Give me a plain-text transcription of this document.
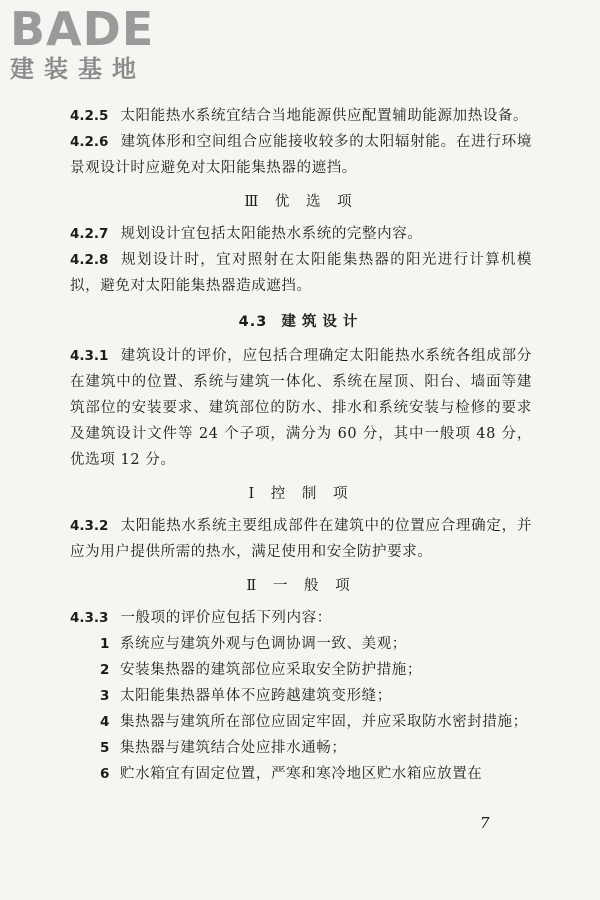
BADE
建装基地

4.2.5 太阳能热水系统宜结合当地能源供应配置辅助能源加热设备。

4.2.6 建筑体形和空间组合应能接收较多的太阳辐射能。在进行环境景观设计时应避免对太阳能集热器的遮挡。

Ⅲ 优 选 项

4.2.7 规划设计宜包括太阳能热水系统的完整内容。

4.2.8 规划设计时，宜对照射在太阳能集热器的阳光进行计算机模拟，避免对太阳能集热器造成遮挡。

4.3 建筑设计

4.3.1 建筑设计的评价，应包括合理确定太阳能热水系统各组成部分在建筑中的位置、系统与建筑一体化、系统在屋顶、阳台、墙面等建筑部位的安装要求、建筑部位的防水、排水和系统安装与检修的要求及建筑设计文件等 24 个子项，满分为 60 分，其中一般项 48 分，优选项 12 分。

Ⅰ 控 制 项

4.3.2 太阳能热水系统主要组成部件在建筑中的位置应合理确定，并应为用户提供所需的热水，满足使用和安全防护要求。

Ⅱ 一 般 项

4.3.3 一般项的评价应包括下列内容：

1 系统应与建筑外观与色调协调一致、美观；

2 安装集热器的建筑部位应采取安全防护措施；

3 太阳能集热器单体不应跨越建筑变形缝；

4 集热器与建筑所在部位应固定牢固，并应采取防水密封措施；

5 集热器与建筑结合处应排水通畅；

6 贮水箱宜有固定位置，严寒和寒冷地区贮水箱应放置在

7
